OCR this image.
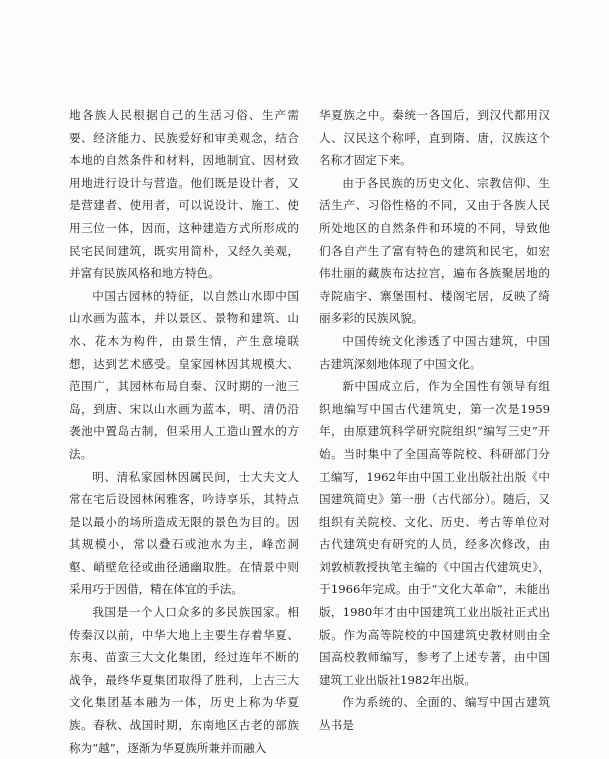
地各族人民根据自己的生活习俗、生产需要、经济能力、民族爱好和审美观念，结合本地的自然条件和材料，因地制宜、因材致用地进行设计与营造。他们既是设计者，又是营建者、使用者，可以说设计、施工、使用三位一体，因而，这种建造方式所形成的民宅民间建筑，既实用简朴，又经久美观，并富有民族风格和地方特色。

中国古园林的特征，以自然山水即中国山水画为蓝本，并以景区、景物和建筑、山水、花木为构件，由景生情，产生意境联想，达到艺术感受。皇家园林因其规模大、范围广，其园林布局自秦、汉时期的一池三岛，到唐、宋以山水画为蓝本，明、清仍沿袭池中置岛古制，但采用人工造山置水的方法。

明、清私家园林因属民间，士大夫文人常在宅后设园林闲雅客，吟诗享乐，其特点是以最小的场所造成无限的景色为目的。因其规模小，常以叠石或池水为主，峰峦洞壑、峭壁危径或曲径通幽取胜。在情景中则采用巧于因借，精在体宜的手法。

我国是一个人口众多的多民族国家。相传秦汉以前，中华大地上主要生存着华夏、东夷、苗蛮三大文化集团，经过连年不断的战争，最终华夏集团取得了胜利，上古三大文化集团基本融为一体，历史上称为华夏族。春秋、战国时期，东南地区古老的部族称为“越”，逐渐为华夏族所兼并而融入

华夏族之中。秦统一各国后，到汉代都用汉人、汉民这个称呼，直到隋、唐，汉族这个名称才固定下来。

由于各民族的历史文化、宗教信仰、生活生产、习俗性格的不同，又由于各族人民所处地区的自然条件和环境的不同，导致他们各自产生了富有特色的建筑和民宅，如宏伟壮丽的藏族布达拉宫，遍布各族聚居地的寺院庙宇、寨堡围村、楼阁宅居，反映了绮丽多彩的民族风貌。

中国传统文化渗透了中国古建筑，中国古建筑深刻地体现了中国文化。

新中国成立后，作为全国性有领导有组织地编写中国古代建筑史，第一次是1959年，由原建筑科学研究院组织“编写三史”开始。当时集中了全国高等院校、科研部门分工编写，1962年由中国工业出版社出版《中国建筑简史》第一册（古代部分）。随后，又组织有关院校、文化、历史、考古等单位对古代建筑史有研究的人员，经多次修改，由刘敦桢教授执笔主编的《中国古代建筑史》，于1966年完成。由于“文化大革命”，未能出版，1980年才由中国建筑工业出版社正式出版。作为高等院校的中国建筑史教材则由全国高校教师编写，参考了上述专著，由中国建筑工业出版社1982年出版。

作为系统的、全面的、编写中国古建筑丛书是
